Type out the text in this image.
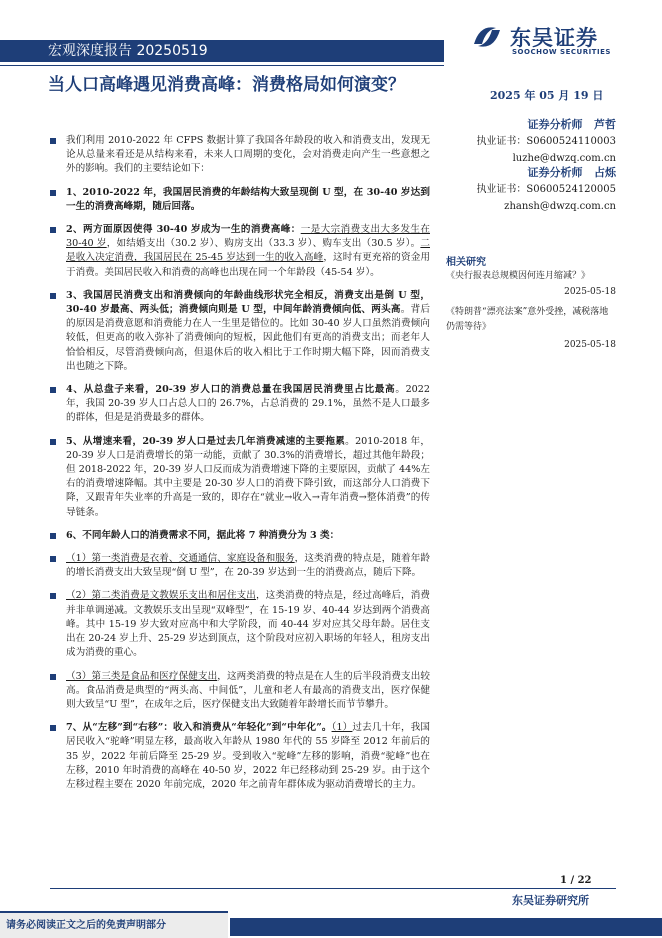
宏观深度报告 20250519
东吴证券
SOOCHOW SECURITIES
当人口高峰遇见消费高峰：消费格局如何演变？
2025 年 05 月 19 日
证券分析师 芦哲
执业证书：S0600524110003
luzhe@dwzq.com.cn
证券分析师 占烁
执业证书：S0600524120005
zhansh@dwzq.com.cn
相关研究
《央行报表总规模因何连月缩减？》
2025-05-18
《特朗普“漂亮法案”意外受挫，减税落地仍需等待》
2025-05-18
我们利用 2010-2022 年 CFPS 数据计算了我国各年龄段的收入和消费支出，发现无论从总量来看还是从结构来看，未来人口周期的变化，会对消费走向产生一些意想之外的影响。我们的主要结论如下：
1、2010-2022 年，我国居民消费的年龄结构大致呈现倒 U 型，在 30-40 岁达到一生的消费高峰期，随后回落。
2、两方面原因使得 30-40 岁成为一生的消费高峰：一是大宗消费支出大多发生在 30-40 岁，如结婚支出（30.2 岁）、购房支出（33.3 岁）、购车支出（30.5 岁）。二是收入决定消费，我国居民在 25-45 岁达到一生的收入高峰，这时有更充裕的资金用于消费。美国居民收入和消费的高峰也出现在同一个年龄段（45-54 岁）。
3、我国居民消费支出和消费倾向的年龄曲线形状完全相反，消费支出是倒 U 型，30-40 岁最高、两头低；消费倾向则是 U 型，中间年龄消费倾向低、两头高。背后的原因是消费意愿和消费能力在人一生里是错位的。比如 30-40 岁人口虽然消费倾向较低，但更高的收入弥补了消费倾向的短板，因此他们有更高的消费支出；而老年人恰恰相反，尽管消费倾向高，但退休后的收入相比于工作时期大幅下降，因而消费支出也随之下降。
4、从总盘子来看，20-39 岁人口的消费总量在我国居民消费里占比最高。2022 年，我国 20-39 岁人口占总人口的 26.7%，占总消费的 29.1%，虽然不是人口最多的群体，但是是消费最多的群体。
5、从增速来看，20-39 岁人口是过去几年消费减速的主要拖累。2010-2018 年，20-39 岁人口是消费增长的第一动能，贡献了 30.3%的消费增长，超过其他年龄段；但 2018-2022 年，20-39 岁人口反而成为消费增速下降的主要原因，贡献了 44%左右的消费增速降幅。其中主要是 20-30 岁人口的消费下降引致，而这部分人口消费下降，又跟青年失业率的升高是一致的，即存在“就业→收入→青年消费→整体消费”的传导链条。
6、不同年龄人口的消费需求不同，据此将 7 种消费分为 3 类：
（1）第一类消费是衣着、交通通信、家庭设备和服务，这类消费的特点是，随着年龄的增长消费支出大致呈现“倒 U 型”，在 20-39 岁达到一生的消费高点，随后下降。
（2）第二类消费是文教娱乐支出和居住支出，这类消费的特点是，经过高峰后，消费并非单调递减。文教娱乐支出呈现“双峰型”，在 15-19 岁、40-44 岁达到两个消费高峰。其中 15-19 岁大致对应高中和大学阶段，而 40-44 岁对应其父母年龄。居住支出在 20-24 岁上升、25-29 岁达到顶点，这个阶段对应初入职场的年轻人，租房支出成为消费的重心。
（3）第三类是食品和医疗保健支出，这两类消费的特点是在人生的后半段消费支出较高。食品消费是典型的“两头高、中间低”，儿童和老人有最高的消费支出，医疗保健则大致呈“U 型”，在成年之后，医疗保健支出大致随着年龄增长而节节攀升。
7、从“左移”到“右移”：收入和消费从“年轻化”到“中年化”。（1）过去几十年，我国居民收入“驼峰”明显左移，最高收入年龄从 1980 年代的 55 岁降至 2012 年前后的 35 岁，2022 年前后降至 25-29 岁。受到收入“驼峰”左移的影响，消费“驼峰”也在左移，2010 年时消费的高峰在 40-50 岁，2022 年已经移动到 25-29 岁。由于这个左移过程主要在 2020 年前完成，2020 年之前青年群体成为驱动消费增长的主力。
1 / 22
东吴证券研究所
请务必阅读正文之后的免责声明部分
